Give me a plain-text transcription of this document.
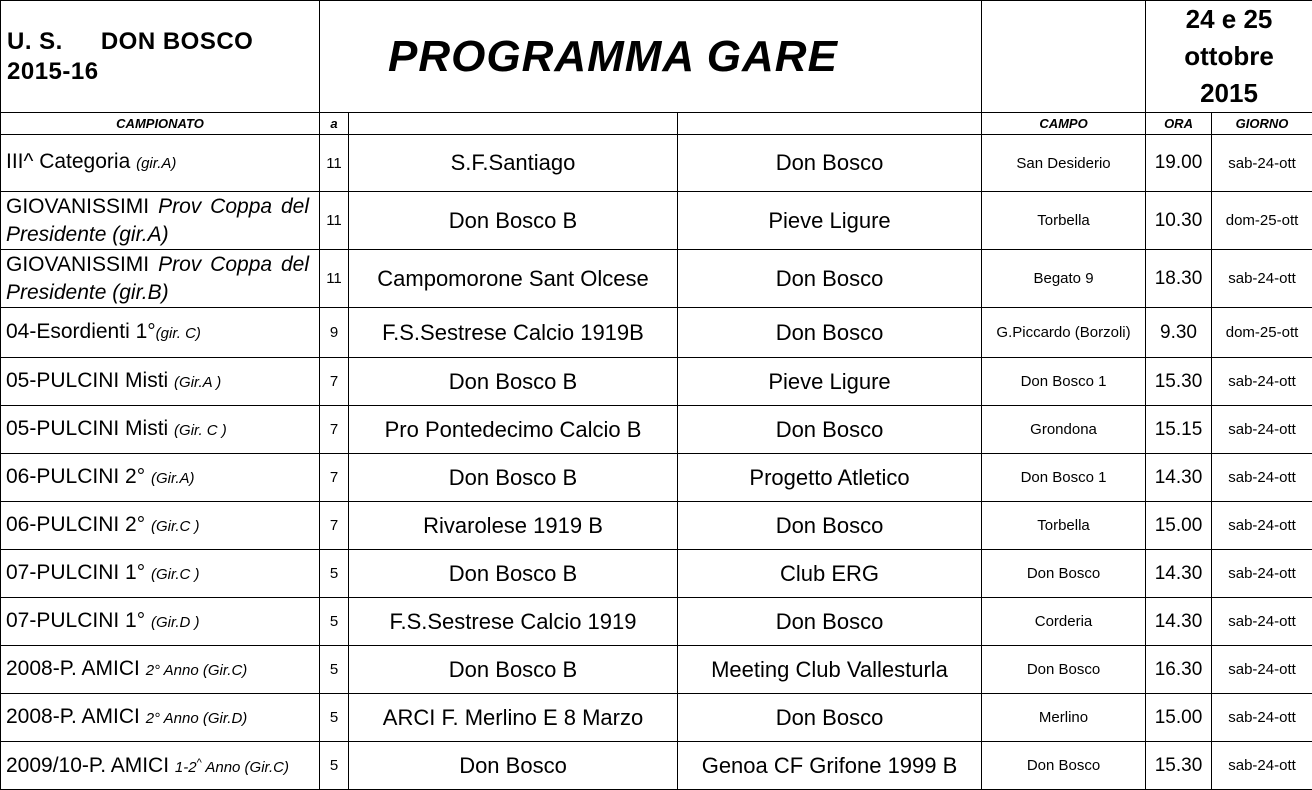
U. S. DON BOSCO
2015-16	PROGRAMMA GARE				24 e 25
ottobre
2015	
CAMPIONATO	a			CAMPO	ORA	GIORNO
III^ Categoria (gir.A)	11	S.F.Santiago	Don Bosco	San Desiderio	19.00	sab-24-ott
GIOVANISSIMI Prov Coppa del Presidente (gir.A)	11	Don Bosco B	Pieve Ligure	Torbella	10.30	dom-25-ott
GIOVANISSIMI Prov Coppa del Presidente (gir.B)	11	Campomorone Sant Olcese	Don Bosco	Begato 9	18.30	sab-24-ott
04-Esordienti 1°(gir. C)	9	F.S.Sestrese Calcio 1919B	Don Bosco	G.Piccardo (Borzoli)	9.30	dom-25-ott
05-PULCINI Misti (Gir.A )	7	Don Bosco B	Pieve Ligure	Don Bosco 1	15.30	sab-24-ott
05-PULCINI Misti (Gir. C )	7	Pro Pontedecimo Calcio B	Don Bosco	Grondona	15.15	sab-24-ott
06-PULCINI 2° (Gir.A)	7	Don Bosco B	Progetto Atletico	Don Bosco 1	14.30	sab-24-ott
06-PULCINI 2° (Gir.C )	7	Rivarolese 1919 B	Don Bosco	Torbella	15.00	sab-24-ott
07-PULCINI 1° (Gir.C )	5	Don Bosco B	Club ERG	Don Bosco	14.30	sab-24-ott
07-PULCINI 1° (Gir.D )	5	F.S.Sestrese Calcio 1919	Don Bosco	Corderia	14.30	sab-24-ott
2008-P. AMICI 2° Anno (Gir.C)	5	Don Bosco B	Meeting Club Vallesturla	Don Bosco	16.30	sab-24-ott
2008-P. AMICI 2° Anno (Gir.D)	5	ARCI F. Merlino E 8 Marzo	Don Bosco	Merlino	15.00	sab-24-ott
2009/10-P. AMICI 1-2^ Anno (Gir.C)	5	Don Bosco	Genoa CF Grifone 1999 B	Don Bosco	15.30	sab-24-ott
